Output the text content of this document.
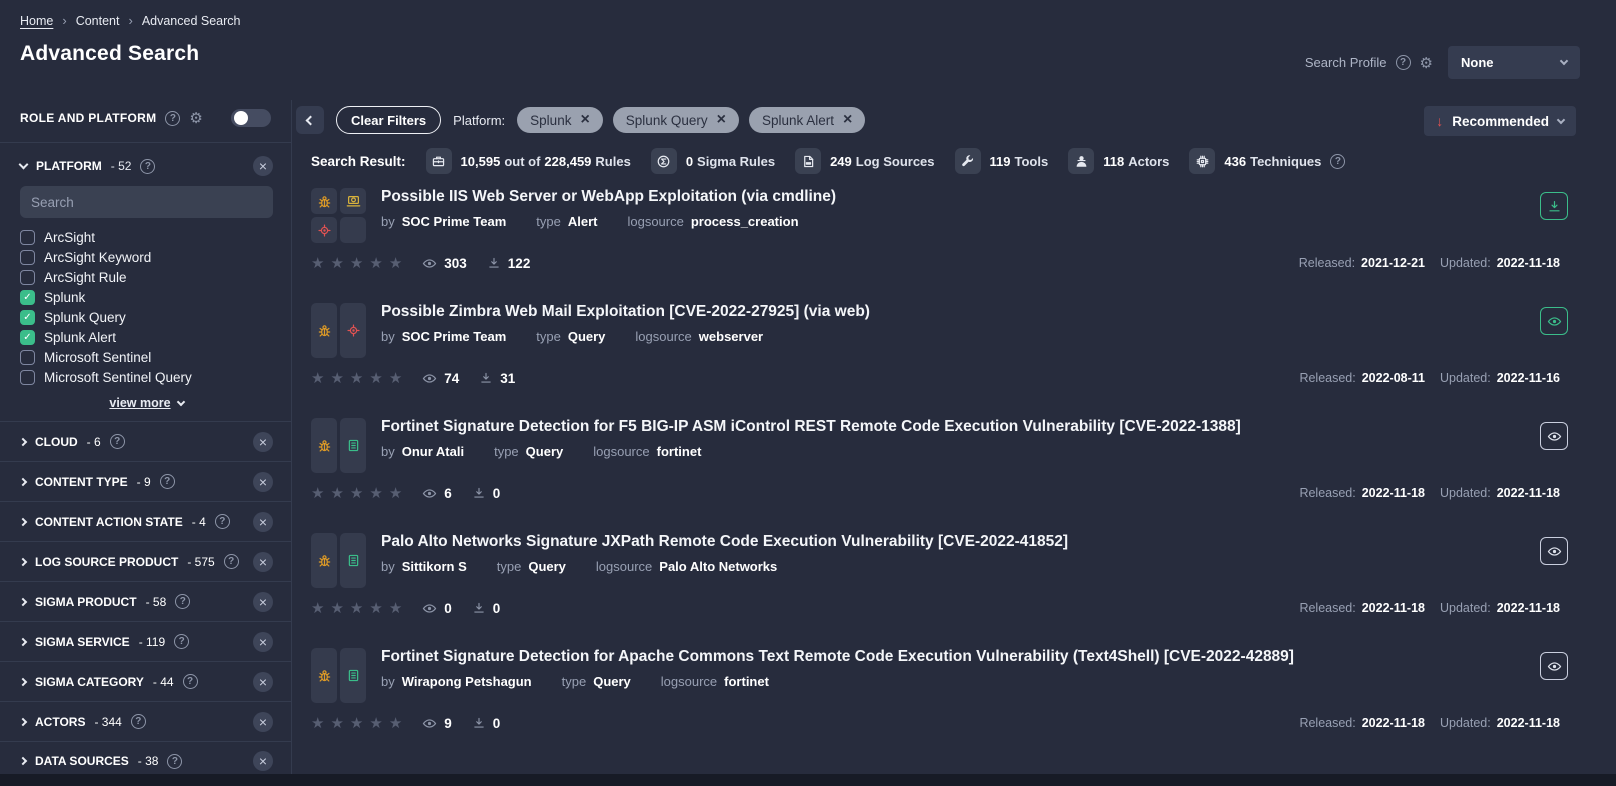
Home › Content › Advanced Search
Advanced Search	Search Profile	? ⚙ None
ROLE AND PLATFORM	? ⚙
PLATFORM - 52	?	×
Search
ArcSight
ArcSight Keyword
ArcSight Rule
✓ Splunk
✓ Splunk Query
✓ Splunk Alert
Microsoft Sentinel
Microsoft Sentinel Query
view more
CLOUD - 6	?	×
CONTENT TYPE - 9	?	×
CONTENT ACTION STATE - 4	?	×
LOG SOURCE PRODUCT - 575	?	×
SIGMA PRODUCT - 58	?	×
SIGMA SERVICE - 119	?	×
SIGMA CATEGORY - 44	?	×
ACTORS - 344	?	×
DATA SOURCES - 38	?	×
Clear Filters	Platform: Splunk ×	Splunk Query ×	Splunk Alert ×	↓ Recommended
Search Result:	10,595 out of 228,459 Rules	0 Sigma Rules	249 Log Sources	119 Tools	118 Actors	436 Techniques	?
Possible IIS Web Server or WebApp Exploitation (via cmdline)
by SOC Prime Team type Alert logsource process_creation
★ ★ ★ ★ ★	303	122	Released: 2021-12-21 Updated: 2022-11-18
Possible Zimbra Web Mail Exploitation [CVE-2022-27925] (via web)
by SOC Prime Team type Query logsource webserver
★ ★ ★ ★ ★	74	31	Released: 2022-08-11 Updated: 2022-11-16
Fortinet Signature Detection for F5 BIG-IP ASM iControl REST Remote Code Execution Vulnerability [CVE-2022-1388]
by Onur Atali type Query logsource fortinet
★ ★ ★ ★ ★	6	0	Released: 2022-11-18 Updated: 2022-11-18
Palo Alto Networks Signature JXPath Remote Code Execution Vulnerability [CVE-2022-41852]
by Sittikorn S type Query logsource Palo Alto Networks
★ ★ ★ ★ ★	0	0	Released: 2022-11-18 Updated: 2022-11-18
Fortinet Signature Detection for Apache Commons Text Remote Code Execution Vulnerability (Text4Shell) [CVE-2022-42889]
by Wirapong Petshagun type Query logsource fortinet
★ ★ ★ ★ ★	9	0	Released: 2022-11-18 Updated: 2022-11-18
